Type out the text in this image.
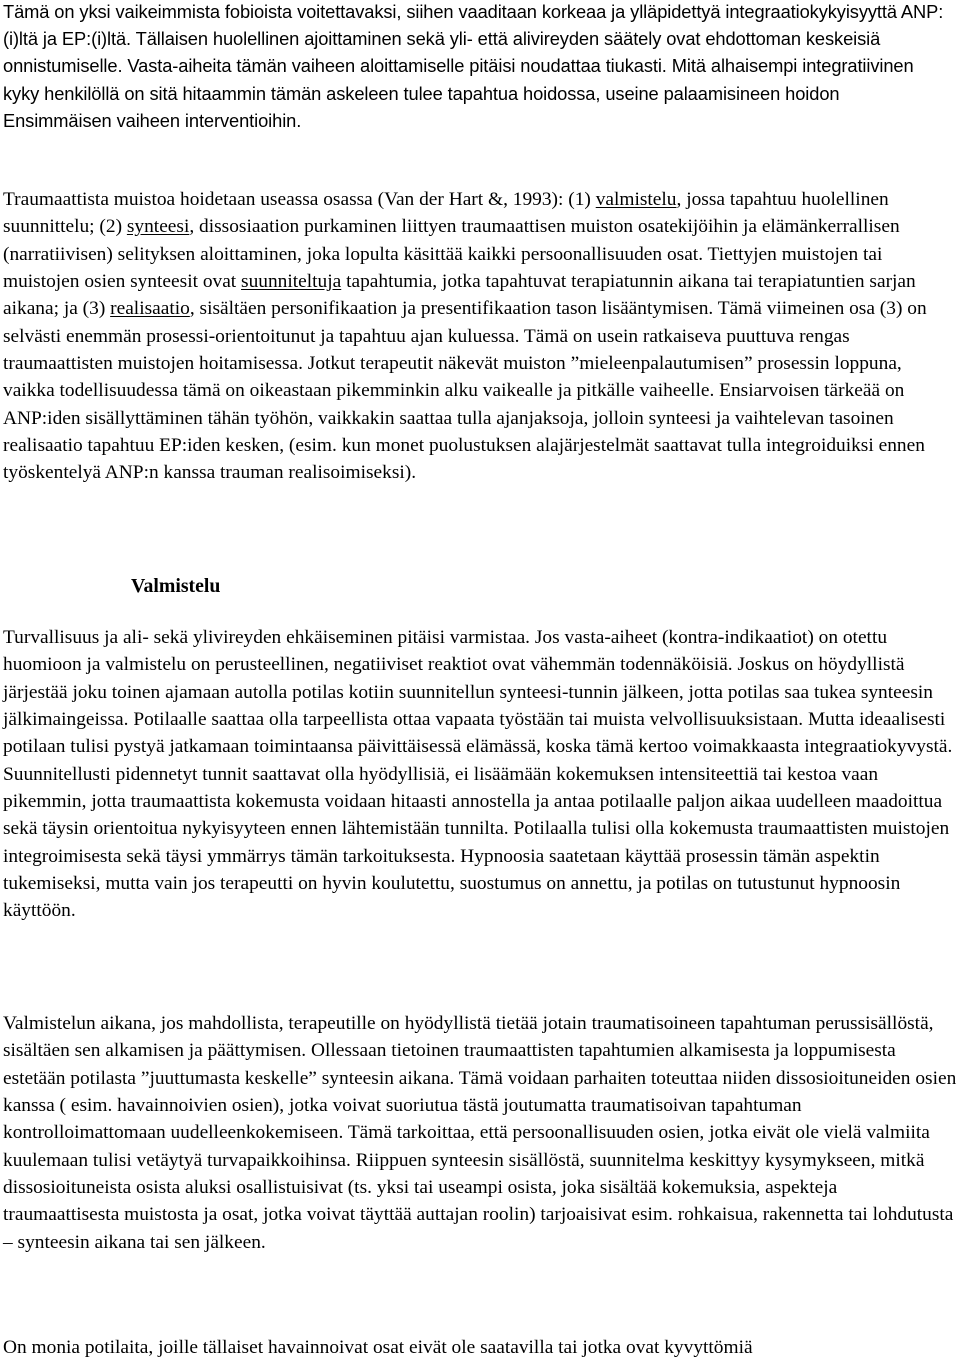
Tämä on yksi vaikeimmista fobioista voitettavaksi, siihen vaaditaan korkeaa ja ylläpidettyä integraatiokykyisyyttä ANP:(i)ltä ja EP:(i)ltä. Tällaisen huolellinen ajoittaminen sekä yli- että alivireyden säätely ovat ehdottoman keskeisiä onnistumiselle. Vasta-aiheita tämän vaiheen aloittamiselle pitäisi noudattaa tiukasti. Mitä alhaisempi integratiivinen kyky henkilöllä on sitä hitaammin tämän askeleen tulee tapahtua hoidossa, useine palaamisineen hoidon Ensimmäisen vaiheen interventioihin.

Traumaattista muistoa hoidetaan useassa osassa (Van der Hart &, 1993): (1) valmistelu, jossa tapahtuu huolellinen suunnittelu; (2) synteesi, dissosiaation purkaminen liittyen traumaattisen muiston osatekijöihin ja elämänkerrallisen (narratiivisen) selityksen aloittaminen, joka lopulta käsittää kaikki persoonallisuuden osat. Tiettyjen muistojen tai muistojen osien synteesit ovat suunniteltuja tapahtumia, jotka tapahtuvat terapiatunnin aikana tai terapiatuntien sarjan aikana; ja (3) realisaatio, sisältäen personifikaation ja presentifikaation tason lisääntymisen. Tämä viimeinen osa (3) on selvästi enemmän prosessi-orientoitunut ja tapahtuu ajan kuluessa. Tämä on usein ratkaiseva puuttuva rengas traumaattisten muistojen hoitamisessa. Jotkut terapeutit näkevät muiston ”mieleenpalautumisen” prosessin loppuna, vaikka todellisuudessa tämä on oikeastaan pikemminkin alku vaikealle ja pitkälle vaiheelle. Ensiarvoisen tärkeää on ANP:iden sisällyttäminen tähän työhön, vaikkakin saattaa tulla ajanjaksoja, jolloin synteesi ja vaihtelevan tasoinen realisaatio tapahtuu EP:iden kesken, (esim. kun monet puolustuksen alajärjestelmät saattavat tulla integroiduiksi ennen työskentelyä ANP:n kanssa trauman realisoimiseksi).

Valmistelu

Turvallisuus ja ali- sekä ylivireyden ehkäiseminen pitäisi varmistaa. Jos vasta-aiheet (kontra-indikaatiot) on otettu huomioon ja valmistelu on perusteellinen, negatiiviset reaktiot ovat vähemmän todennäköisiä. Joskus on höydyllistä järjestää joku toinen ajamaan autolla potilas kotiin suunnitellun synteesi-tunnin jälkeen, jotta potilas saa tukea synteesin jälkimaingeissa. Potilaalle saattaa olla tarpeellista ottaa vapaata työstään tai muista velvollisuuksistaan. Mutta ideaalisesti potilaan tulisi pystyä jatkamaan toimintaansa päivittäisessä elämässä, koska tämä kertoo voimakkaasta integraatiokyvystä. Suunnitellusti pidennetyt tunnit saattavat olla hyödyllisiä, ei lisäämään kokemuksen intensiteettiä tai kestoa vaan pikemmin, jotta traumaattista kokemusta voidaan hitaasti annostella ja antaa potilaalle paljon aikaa uudelleen maadoittua sekä täysin orientoitua nykyisyyteen ennen lähtemistään tunnilta. Potilaalla tulisi olla kokemusta traumaattisten muistojen integroimisesta sekä täysi ymmärrys tämän tarkoituksesta. Hypnoosia saatetaan käyttää prosessin tämän aspektin tukemiseksi, mutta vain jos terapeutti on hyvin koulutettu, suostumus on annettu, ja potilas on tutustunut hypnoosin käyttöön.

Valmistelun aikana, jos mahdollista, terapeutille on hyödyllistä tietää jotain traumatisoineen tapahtuman perussisällöstä, sisältäen sen alkamisen ja päättymisen. Ollessaan tietoinen traumaattisten tapahtumien alkamisesta ja loppumisesta estetään potilasta ”juuttumasta keskelle” synteesin aikana. Tämä voidaan parhaiten toteuttaa niiden dissosioituneiden osien kanssa ( esim. havainnoivien osien), jotka voivat suoriutua tästä joutumatta traumatisoivan tapahtuman kontrolloimattomaan uudelleenkokemiseen. Tämä tarkoittaa, että persoonallisuuden osien, jotka eivät ole vielä valmiita kuulemaan tulisi vetäytyä turvapaikkoihinsa. Riippuen synteesin sisällöstä, suunnitelma keskittyy kysymykseen, mitkä dissosioituneista osista aluksi osallistuisivat (ts. yksi tai useampi osista, joka sisältää kokemuksia, aspekteja traumaattisesta muistosta ja osat, jotka voivat täyttää auttajan roolin) tarjoaisivat esim. rohkaisua, rakennetta tai lohdutusta – synteesin aikana tai sen jälkeen.

On monia potilaita, joille tällaiset havainnoivat osat eivät ole saatavilla tai jotka ovat kyvyttömiä
